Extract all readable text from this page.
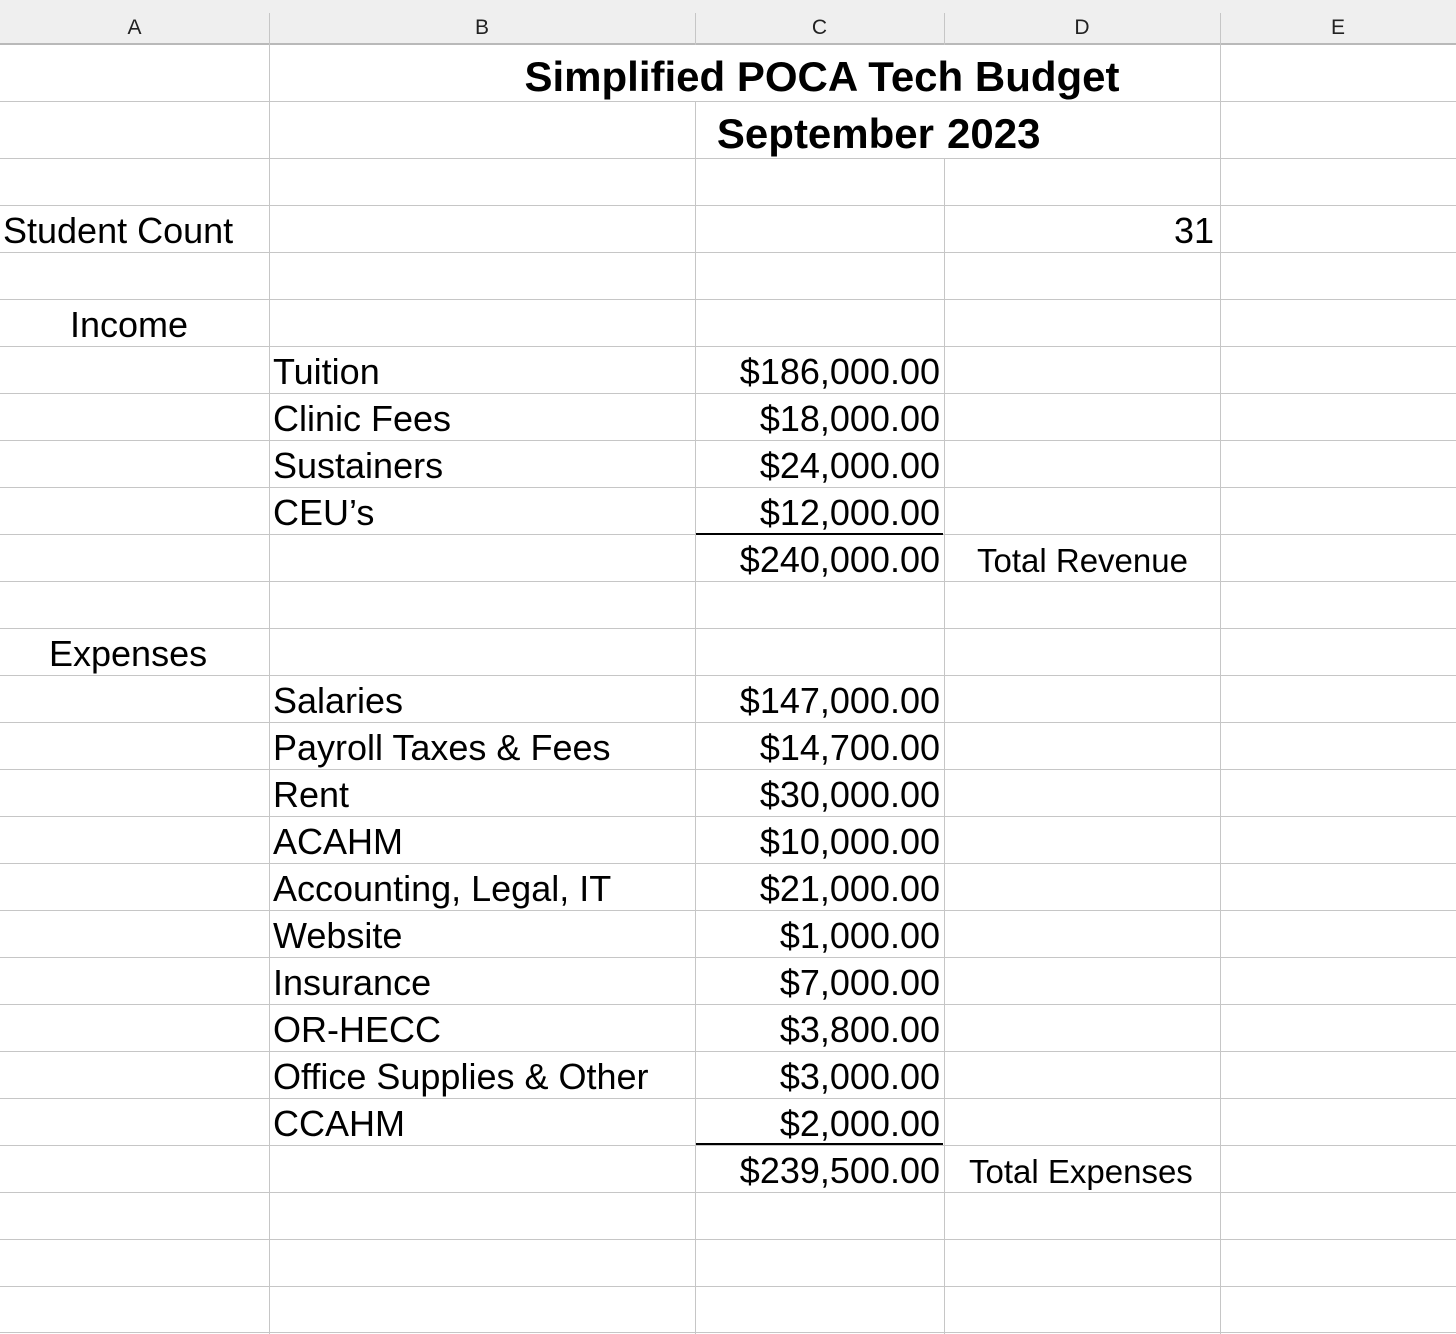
A	B	C	D	E
Simplified POCA Tech Budget
September 2023
Student Count	31
Income
Tuition	$186,000.00
Clinic Fees	$18,000.00
Sustainers	$24,000.00
CEU’s	$12,000.00
$240,000.00 Total Revenue
Expenses
Salaries	$147,000.00
Payroll Taxes & Fees	$14,700.00
Rent	$30,000.00
ACAHM	$10,000.00
Accounting, Legal, IT	$21,000.00
Website	$1,000.00
Insurance	$7,000.00
OR-HECC	$3,800.00
Office Supplies & Other	$3,000.00
CCAHM	$2,000.00
$239,500.00 Total Expenses
